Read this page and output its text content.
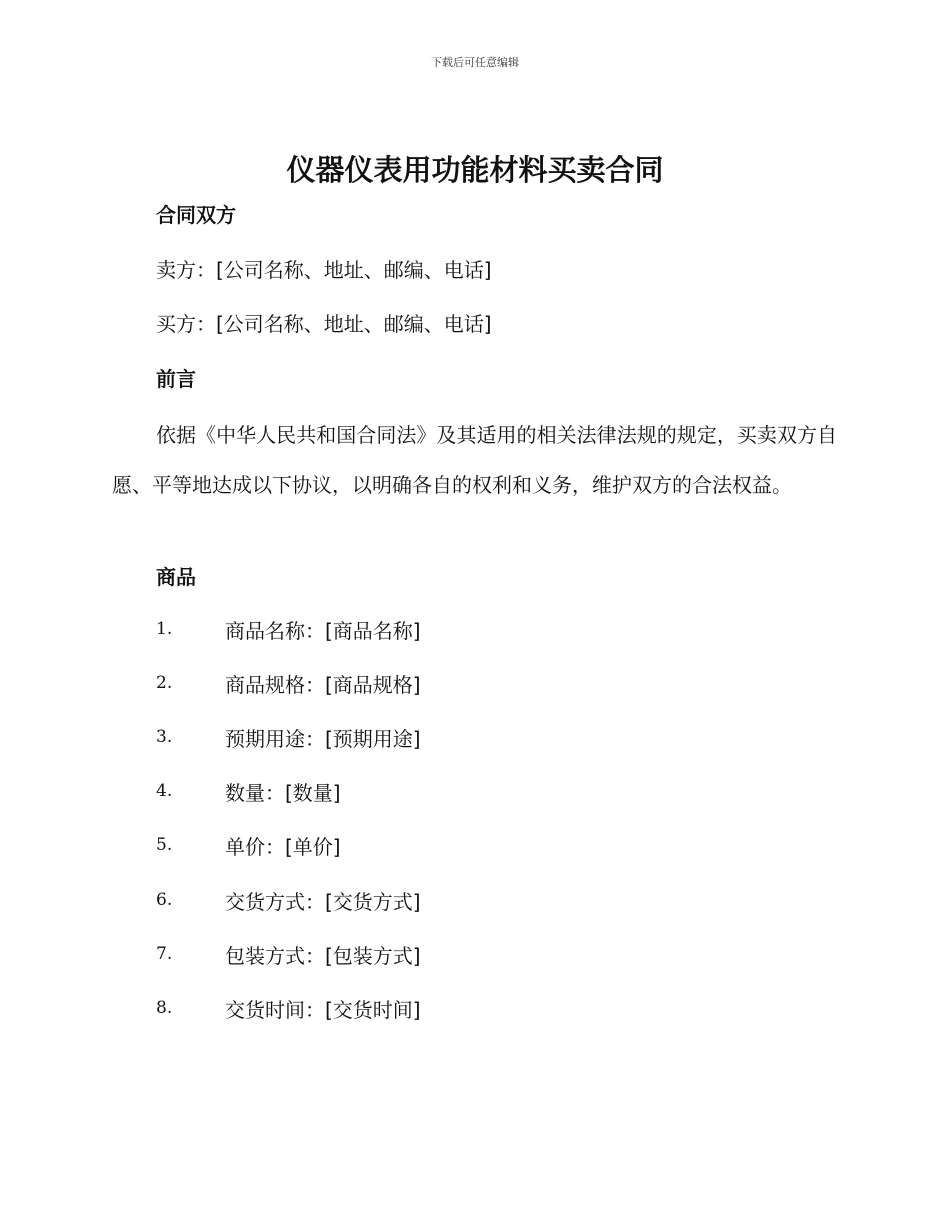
下载后可任意编辑
仪器仪表用功能材料买卖合同
合同双方

卖方：[公司名称、地址、邮编、电话]

买方：[公司名称、地址、邮编、电话]

前言

依据《中华人民共和国合同法》及其适用的相关法律法规的规定，买卖双方自愿、平等地达成以下协议，以明确各自的权利和义务，维护双方的合法权益。

商品
1.	商品名称：[商品名称]
2.	商品规格：[商品规格]
3.	预期用途：[预期用途]
4.	数量：[数量]
5.	单价：[单价]
6.	交货方式：[交货方式]
7.	包装方式：[包装方式]
8.	交货时间：[交货时间]
